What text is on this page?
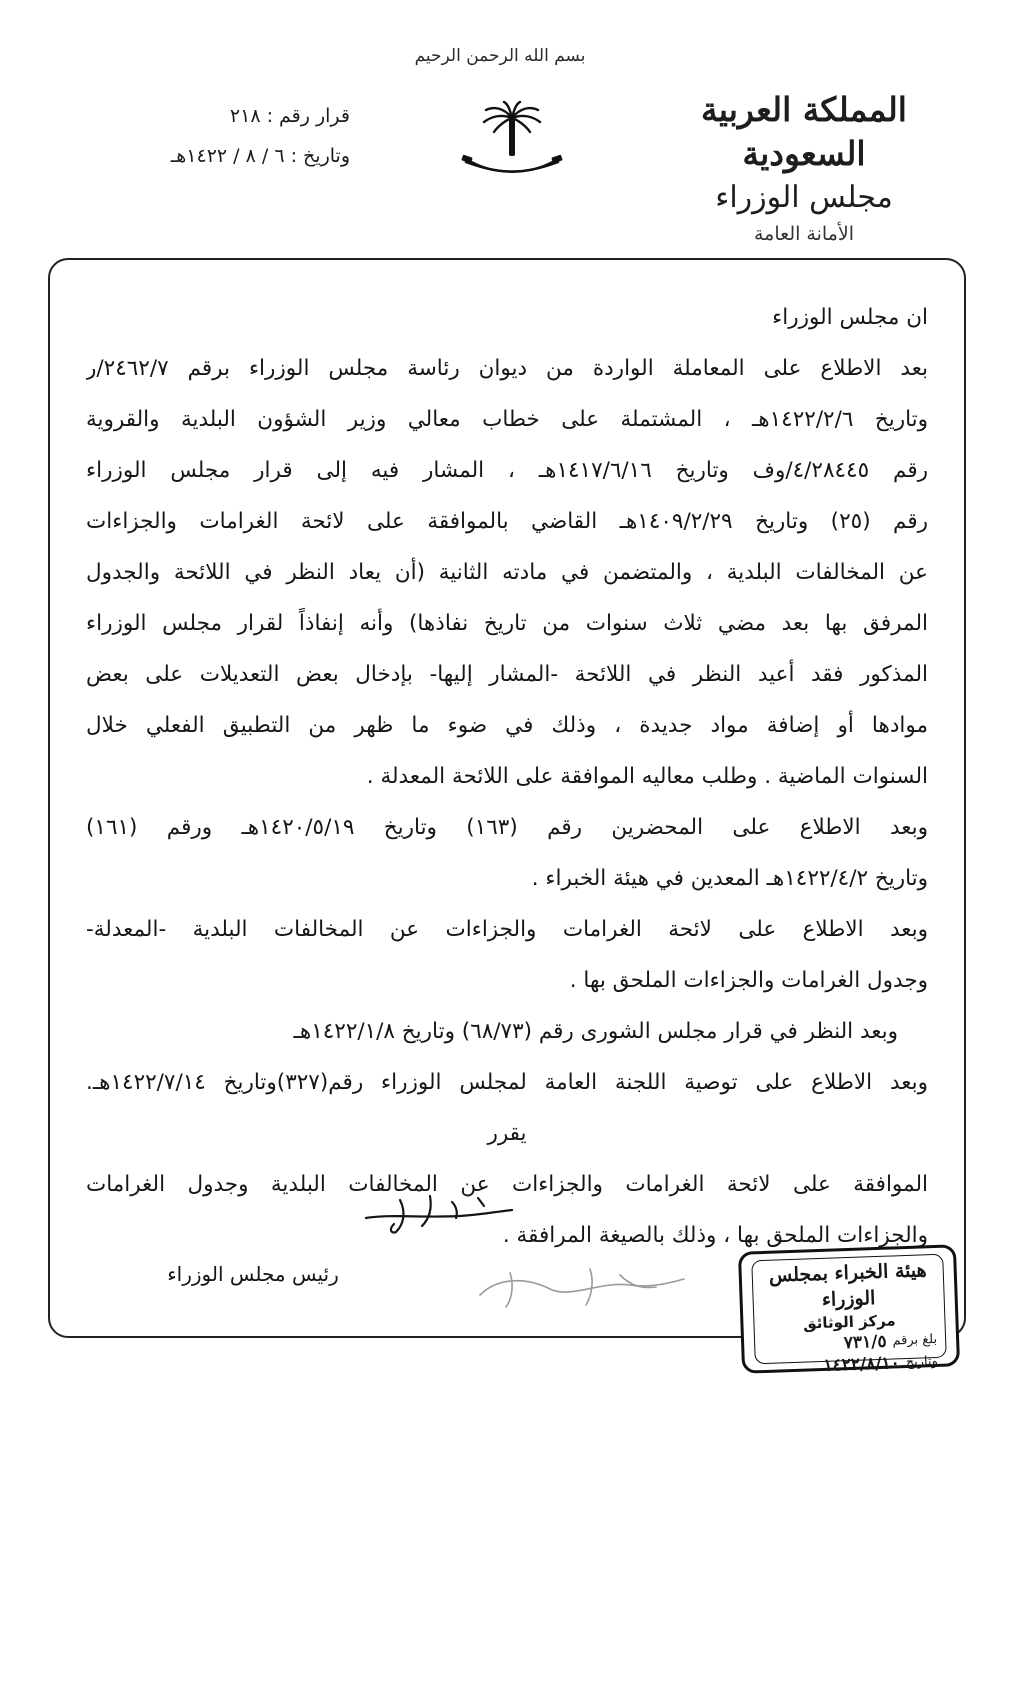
بسم الله الرحمن الرحيم
المملكة العربية السعودية
مجلس الوزراء
الأمانة العامة
قرار رقم : ٢١٨
وتاريخ : ٦ / ٨ / ١٤٢٢هـ
ان مجلس الوزراء
بعد الاطلاع على المعاملة الواردة من ديوان رئاسة مجلس الوزراء برقم ٢٤٦٢/٧/ر
وتاريخ ١٤٢٢/٢/٦هـ ، المشتملة على خطاب معالي وزير الشؤون البلدية والقروية
رقم ٤/٢٨٤٤٥/وف وتاريخ ١٤١٧/٦/١٦هـ ، المشار فيه إلى قرار مجلس الوزراء
رقم (٢٥) وتاريخ ١٤٠٩/٢/٢٩هـ القاضي بالموافقة على لائحة الغرامات والجزاءات
عن المخالفات البلدية ، والمتضمن في مادته الثانية (أن يعاد النظر في اللائحة والجدول
المرفق بها بعد مضي ثلاث سنوات من تاريخ نفاذها) وأنه إنفاذاً لقرار مجلس الوزراء
المذكور فقد أعيد النظر في اللائحة -المشار إليها- بإدخال بعض التعديلات على بعض
موادها أو إضافة مواد جديدة ، وذلك في ضوء ما ظهر من التطبيق الفعلي خلال
السنوات الماضية . وطلب معاليه الموافقة على اللائحة المعدلة .
وبعد الاطلاع على المحضرين رقم (١٦٣) وتاريخ ١٤٢٠/٥/١٩هـ ورقم (١٦١)
وتاريخ ١٤٢٢/٤/٢هـ المعدين في هيئة الخبراء .
وبعد الاطلاع على لائحة الغرامات والجزاءات عن المخالفات البلدية -المعدلة-
وجدول الغرامات والجزاءات الملحق بها .
وبعد النظر في قرار مجلس الشورى رقم (٦٨/٧٣) وتاريخ ١٤٢٢/١/٨هـ
وبعد الاطلاع على توصية اللجنة العامة لمجلس الوزراء رقم(٣٢٧)وتاريخ ١٤٢٢/٧/١٤هـ.
يقرر
الموافقة على لائحة الغرامات والجزاءات عن المخالفات البلدية وجدول الغرامات
والجزاءات الملحق بها ، وذلك بالصيغة المرافقة .
رئيس مجلس الوزراء	هيئة الخبراء بمجلس الوزراء
مركز الوثائق
بلغ برقم
٧٣١/٥
وتاريخ
١٤٢٢/٨/١٠
